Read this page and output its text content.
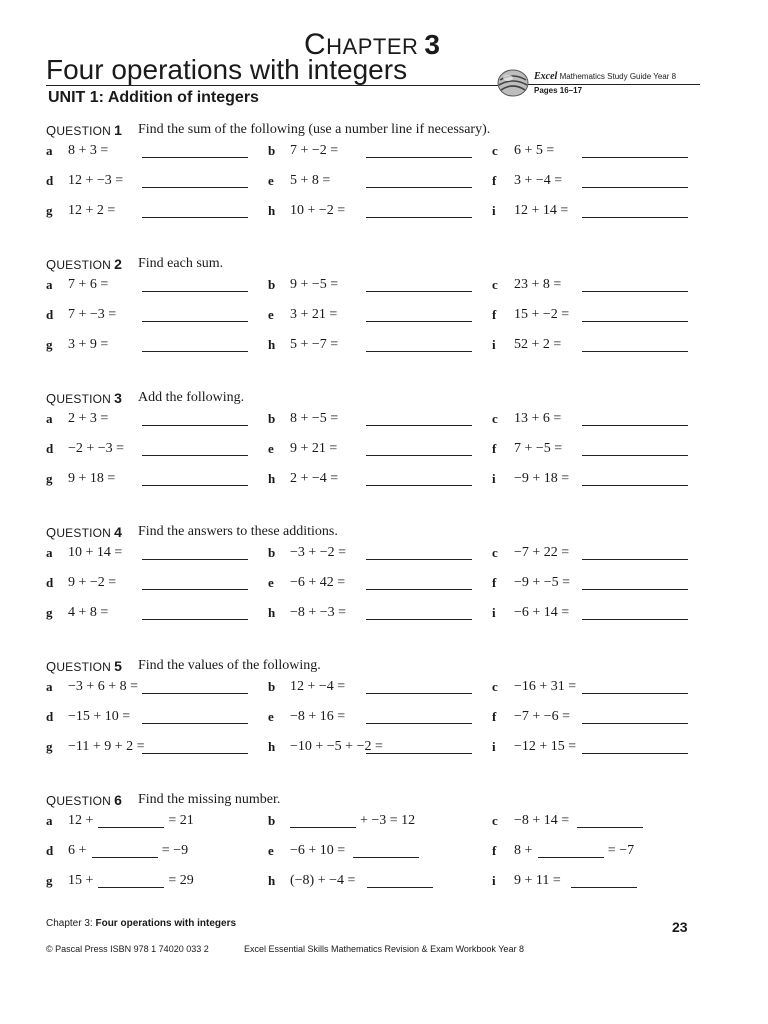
CHAPTER 3
Four operations with integers
UNIT 1: Addition of integers
Excel Mathematics Study Guide Year 8
Pages 16–17
QUESTION 1 Find the sum of the following (use a number line if necessary).
a 8 + 3 =	b 7 + −2 =	c 6 + 5 =
d 12 + −3 =	e 5 + 8 =	f 3 + −4 =
g 12 + 2 =	h 10 + −2 =	i 12 + 14 =
QUESTION 2 Find each sum.
a 7 + 6 =	b 9 + −5 =	c 23 + 8 =
d 7 + −3 =	e 3 + 21 =	f 15 + −2 =
g 3 + 9 =	h 5 + −7 =	i 52 + 2 =
QUESTION 3 Add the following.
a 2 + 3 =	b 8 + −5 =	c 13 + 6 =
d −2 + −3 =	e 9 + 21 =	f 7 + −5 =
g 9 + 18 =	h 2 + −4 =	i −9 + 18 =
QUESTION 4 Find the answers to these additions.
a 10 + 14 =	b −3 + −2 =	c −7 + 22 =
d 9 + −2 =	e −6 + 42 =	f −9 + −5 =
g 4 + 8 =	h −8 + −3 =	i −6 + 14 =
QUESTION 5 Find the values of the following.
a −3 + 6 + 8 =	b 12 + −4 =	c −16 + 31 =
d −15 + 10 =	e −8 + 16 =	f −7 + −6 =
g −11 + 9 + 2 =	h −10 + −5 + −2 =	i −12 + 15 =
QUESTION 6 Find the missing number.
a 12 +	= 21	b	+ −3 = 12	c −8 + 14 =
d 6 +	= −9	e −6 + 10 =	f 8 +	= −7
g 15 +	= 29	h (−8) + −4 =	i 9 + 11 =
Chapter 3: Four operations with integers	23
© Pascal Press ISBN 978 1 74020 033 2	Excel Essential Skills Mathematics Revision & Exam Workbook Year 8
